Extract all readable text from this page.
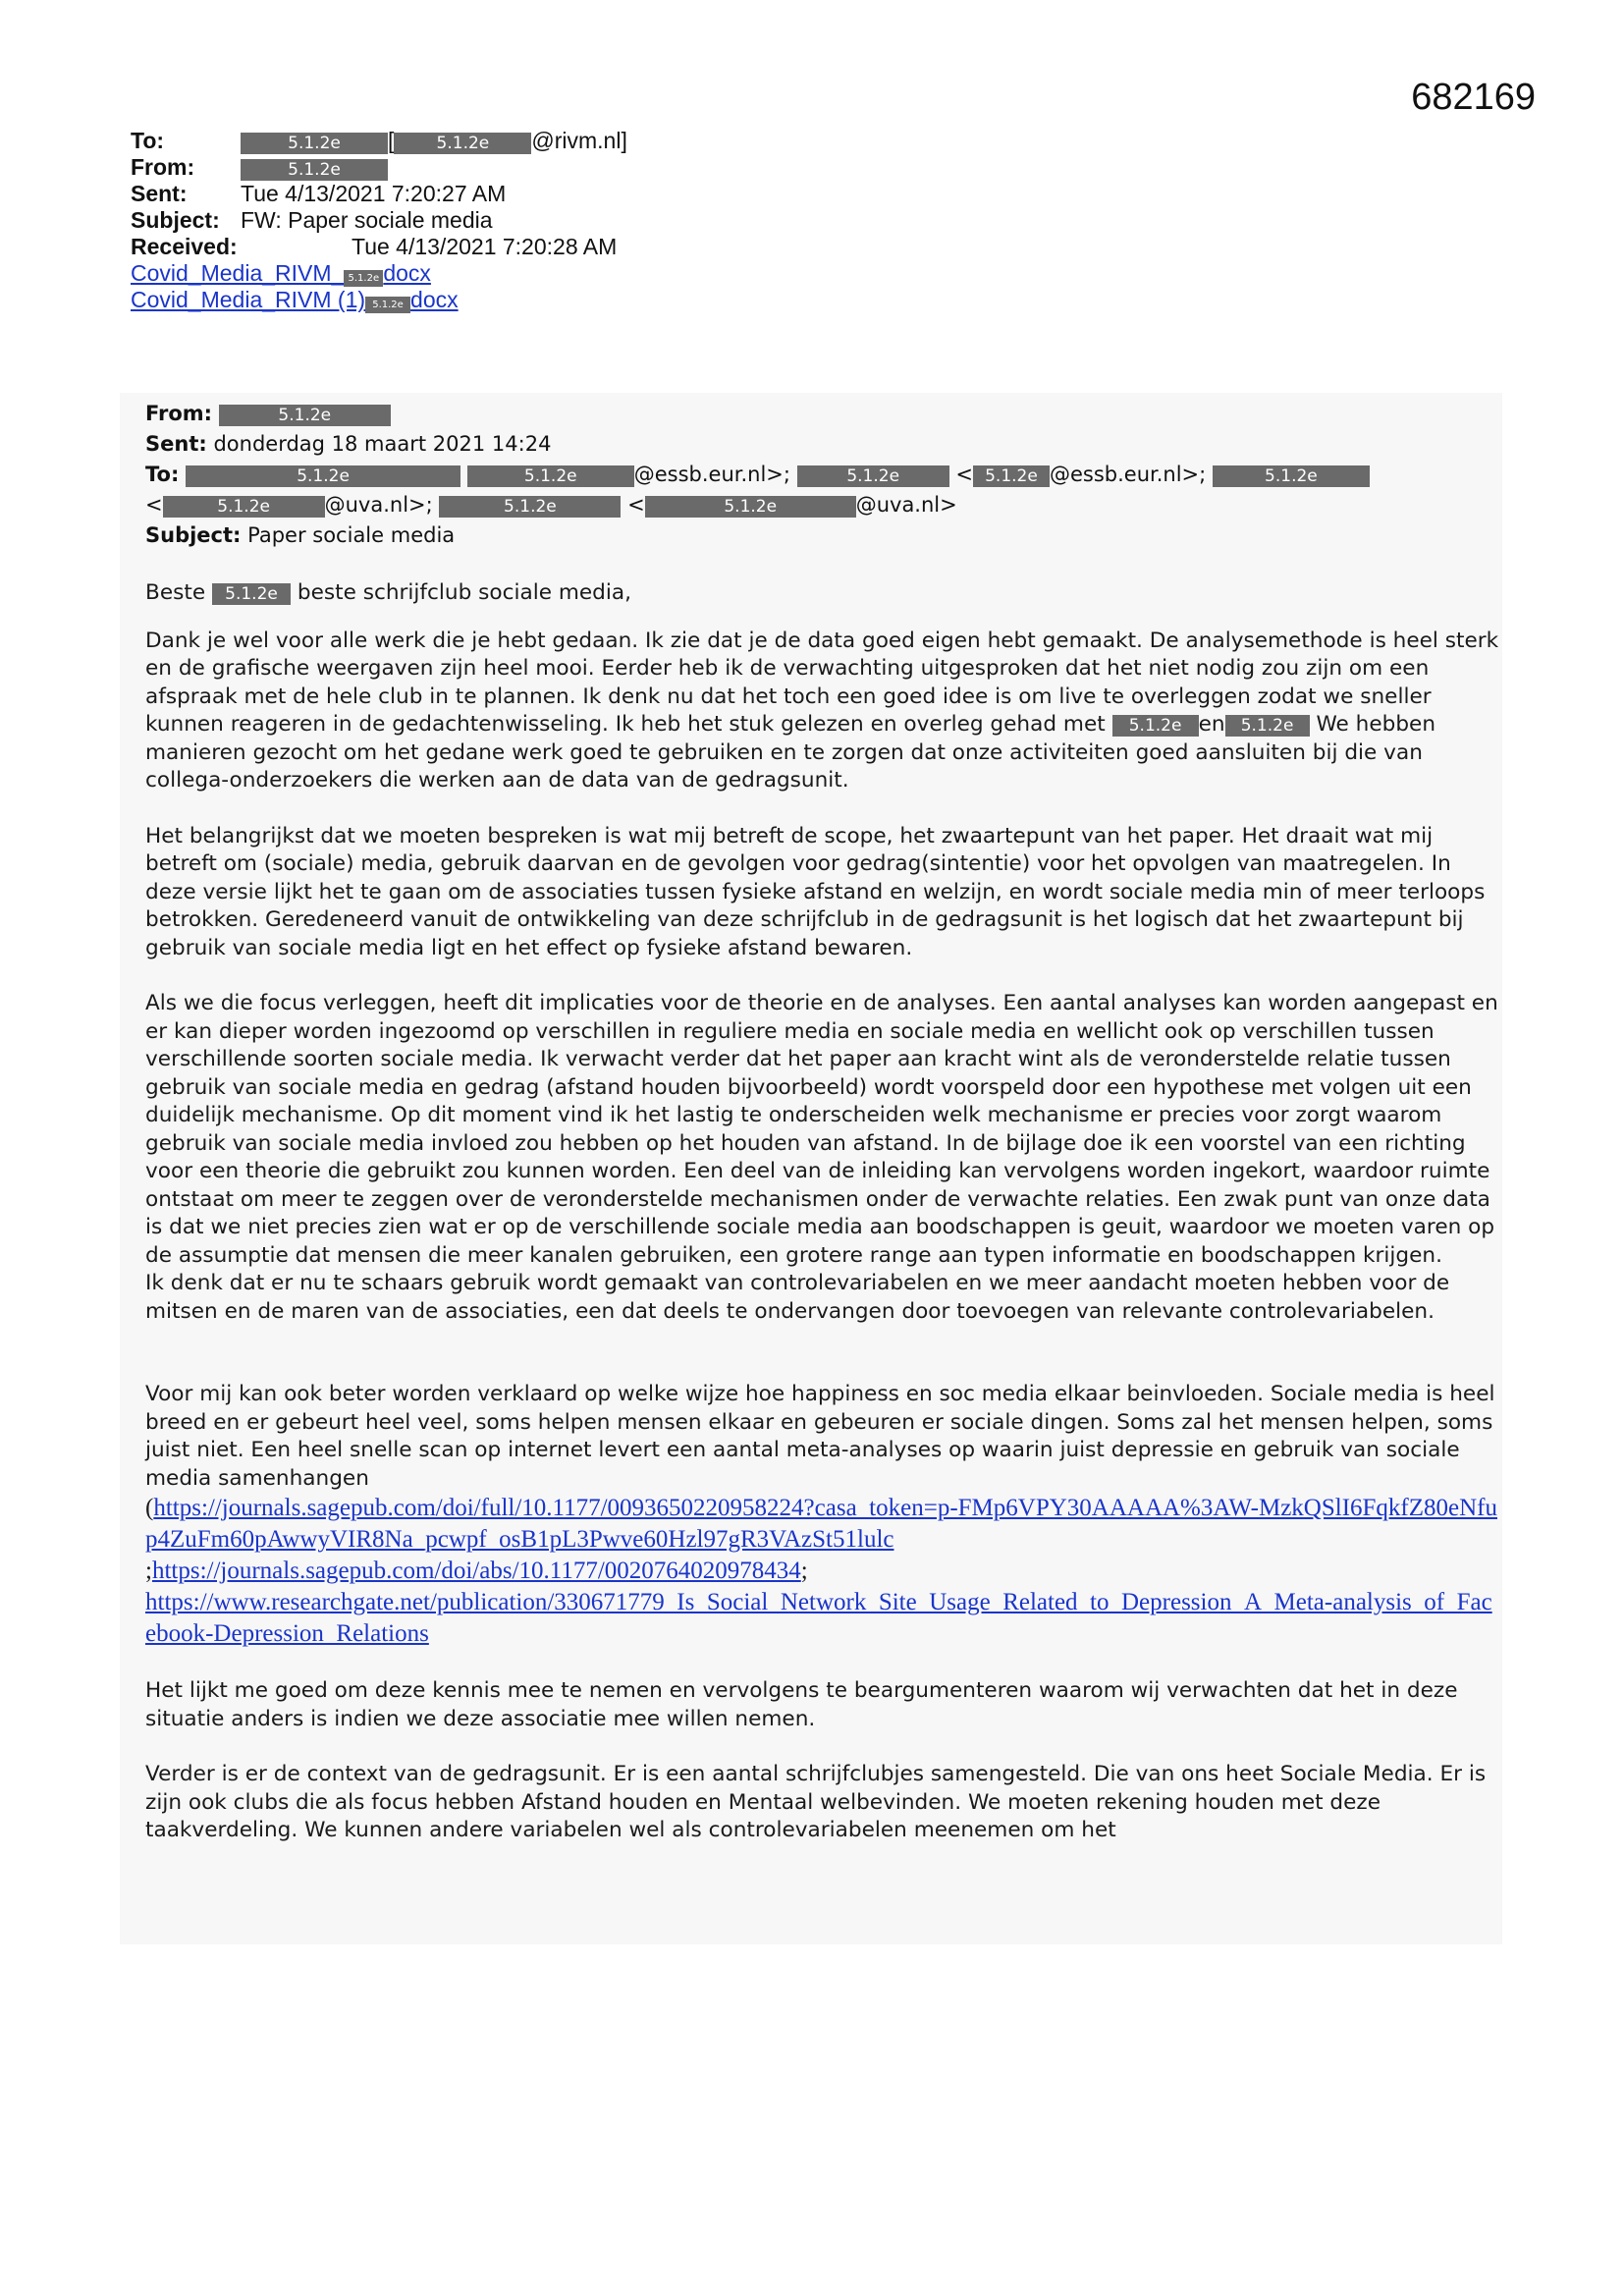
682169
To:	5.1.2e [	5.1.2e @rivm.nl]
From:	5.1.2e
Sent: Tue 4/13/2021 7:20:27 AM
Subject: FW: Paper sociale media
Received:	Tue 4/13/2021 7:20:28 AM
Covid_Media_RIVM_ 5.1.2e docx
Covid_Media_RIVM (1) 5.1.2e docx
From:	5.1.2e
Sent: donderdag 18 maart 2021 14:24
To:	5.1.2e	5.1.2e	@essb.eur.nl>;	5.1.2e	< 5.1.2e @essb.eur.nl>;	5.1.2e
<	5.1.2e	@uva.nl>;	5.1.2e	<	5.1.2e	@uva.nl>
Subject: Paper sociale media

Beste 5.1.2e beste schrijfclub sociale media,

Dank je wel voor alle werk die je hebt gedaan. Ik zie dat je de data goed eigen hebt gemaakt. De analysemethode is heel sterk en de grafische weergaven zijn heel mooi. Eerder heb ik de verwachting uitgesproken dat het niet nodig zou zijn om een afspraak met de hele club in te plannen. Ik denk nu dat het toch een goed idee is om live te overleggen zodat we sneller kunnen reageren in de gedachtenwisseling. Ik heb het stuk gelezen en overleg gehad met 5.1.2e en 5.1.2e We hebben manieren gezocht om het gedane werk goed te gebruiken en te zorgen dat onze activiteiten goed aansluiten bij die van collega-onderzoekers die werken aan de data van de gedragsunit.

Het belangrijkst dat we moeten bespreken is wat mij betreft de scope, het zwaartepunt van het paper. Het draait wat mij betreft om (sociale) media, gebruik daarvan en de gevolgen voor gedrag(sintentie) voor het opvolgen van maatregelen. In deze versie lijkt het te gaan om de associaties tussen fysieke afstand en welzijn, en wordt sociale media min of meer terloops betrokken. Geredeneerd vanuit de ontwikkeling van deze schrijfclub in de gedragsunit is het logisch dat het zwaartepunt bij gebruik van sociale media ligt en het effect op fysieke afstand bewaren.

Als we die focus verleggen, heeft dit implicaties voor de theorie en de analyses. Een aantal analyses kan worden aangepast en er kan dieper worden ingezoomd op verschillen in reguliere media en sociale media en wellicht ook op verschillen tussen verschillende soorten sociale media. Ik verwacht verder dat het paper aan kracht wint als de veronderstelde relatie tussen gebruik van sociale media en gedrag (afstand houden bijvoorbeeld) wordt voorspeld door een hypothese met volgen uit een duidelijk mechanisme. Op dit moment vind ik het lastig te onderscheiden welk mechanisme er precies voor zorgt waarom gebruik van sociale media invloed zou hebben op het houden van afstand. In de bijlage doe ik een voorstel van een richting voor een theorie die gebruikt zou kunnen worden. Een deel van de inleiding kan vervolgens worden ingekort, waardoor ruimte ontstaat om meer te zeggen over de veronderstelde mechanismen onder de verwachte relaties. Een zwak punt van onze data is dat we niet precies zien wat er op de verschillende sociale media aan boodschappen is geuit, waardoor we moeten varen op de assumptie dat mensen die meer kanalen gebruiken, een grotere range aan typen informatie en boodschappen krijgen.

Ik denk dat er nu te schaars gebruik wordt gemaakt van controlevariabelen en we meer aandacht moeten hebben voor de mitsen en de maren van de associaties, een dat deels te ondervangen door toevoegen van relevante controlevariabelen.

Voor mij kan ook beter worden verklaard op welke wijze hoe happiness en soc media elkaar beinvloeden. Sociale media is heel breed en er gebeurt heel veel, soms helpen mensen elkaar en gebeuren er sociale dingen. Soms zal het mensen helpen, soms juist niet. Een heel snelle scan op internet levert een aantal meta-analyses op waarin juist depressie en gebruik van sociale media samenhangen

(https://journals.sagepub.com/doi/full/10.1177/0093650220958224?casa_token=p-FMp6VPY30AAAAA%3AW-MzkQSlI6FqkfZ80eNfup4ZuFm60pAwwyVIR8Na_pcwpf_osB1pL3Pwve60Hzl97gR3VAzSt51lulc
;https://journals.sagepub.com/doi/abs/10.1177/0020764020978434;
https://www.researchgate.net/publication/330671779_Is_Social_Network_Site_Usage_Related_to_Depression_A_Meta-analysis_of_Facebook-Depression_Relations

Het lijkt me goed om deze kennis mee te nemen en vervolgens te beargumenteren waarom wij verwachten dat het in deze situatie anders is indien we deze associatie mee willen nemen.

Verder is er de context van de gedragsunit. Er is een aantal schrijfclubjes samengesteld. Die van ons heet Sociale Media. Er is zijn ook clubs die als focus hebben Afstand houden en Mentaal welbevinden. We moeten rekening houden met deze taakverdeling. We kunnen andere variabelen wel als controlevariabelen meenemen om het
